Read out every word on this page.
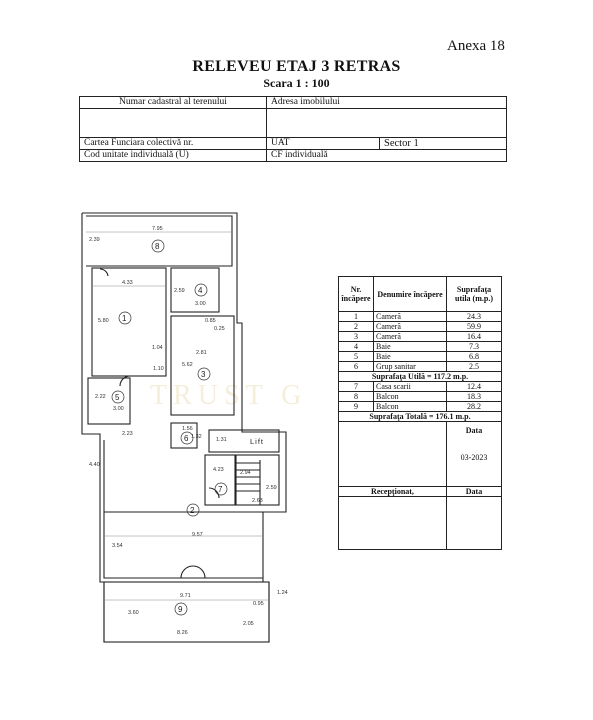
Anexa 18
RELEVEU ETAJ 3 RETRAS
Scara 1 : 100
Numar cadastral al terenului	Adresa imobilului	

Cartea Funciara colectivă nr.	UAT	Sector 1
Cod unitate individuală (U)	CF individuală	
TRUST G
1
2
3
4
5
6
7
8
9
Lift
7.95
2.39
4.33
5.80
2.59
3.00
0.85
0.25
1.04
2.81
5.62
1.10
2.22
3.00
2.23
1.56
1.32	1.31
4.40
4.23	2.94
2.59
2.63
3.54
9.57
9.71
3.60
8.26
2.05
0.95
1.24
Nr. încăpere	Denumire încăpere	Suprafaţa utila (m.p.)
1	Cameră	24.3
2	Cameră	59.9
3	Cameră	16.4
4	Baie	7.3
5	Baie	6.8
6	Grup sanitar	2.5
Suprafaţa Utilă = 117.2 m.p.		
7	Casa scarii	12.4
8	Balcon	18.3
9	Balcon	28.2
Suprafaţa Totală = 176.1 m.p.		

		Data
03-2023

Recepţionat,		Data
